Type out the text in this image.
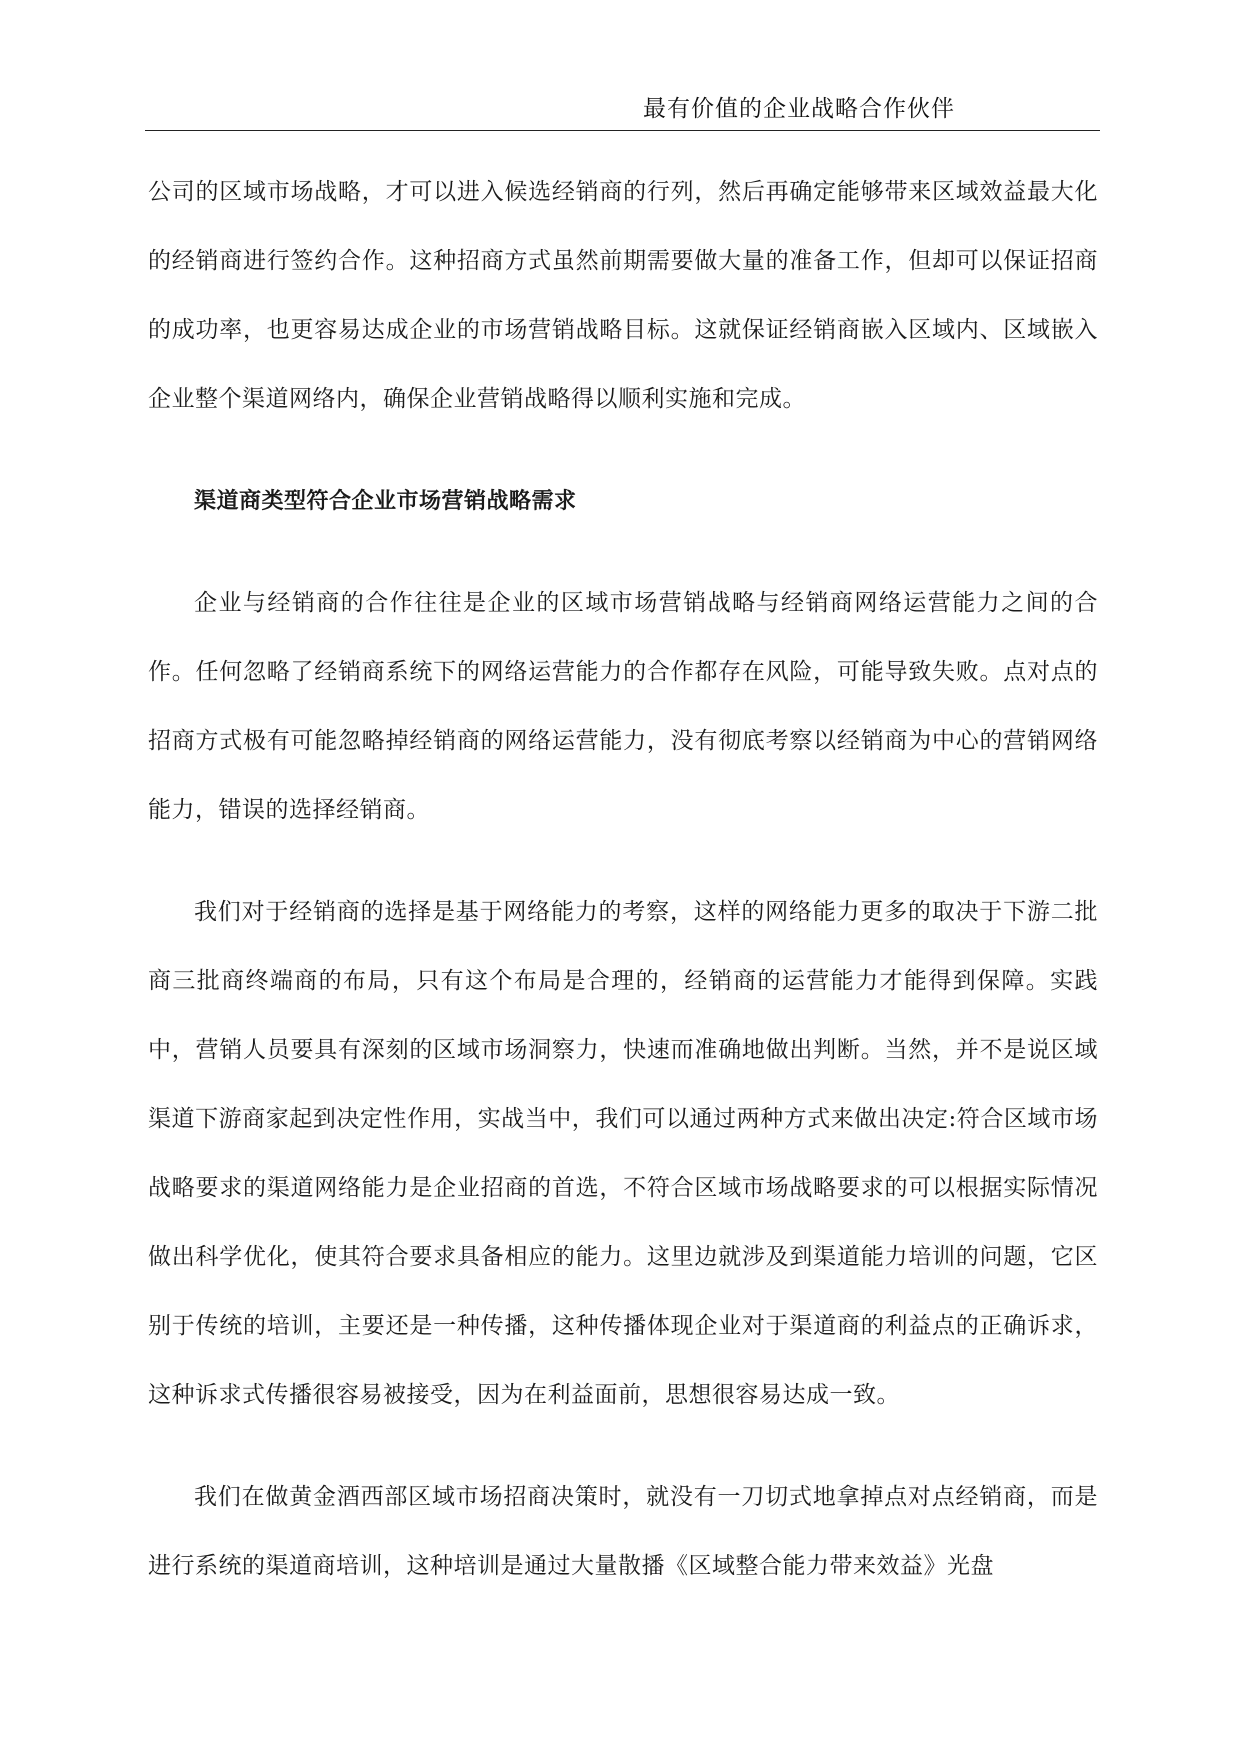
最有价值的企业战略合作伙伴

公司的区域市场战略，才可以进入候选经销商的行列，然后再确定能够带来区域效益最大化的经销商进行签约合作。这种招商方式虽然前期需要做大量的准备工作，但却可以保证招商的成功率，也更容易达成企业的市场营销战略目标。这就保证经销商嵌入区域内、区域嵌入企业整个渠道网络内，确保企业营销战略得以顺利实施和完成。

渠道商类型符合企业市场营销战略需求

企业与经销商的合作往往是企业的区域市场营销战略与经销商网络运营能力之间的合作。任何忽略了经销商系统下的网络运营能力的合作都存在风险，可能导致失败。点对点的招商方式极有可能忽略掉经销商的网络运营能力，没有彻底考察以经销商为中心的营销网络能力，错误的选择经销商。

我们对于经销商的选择是基于网络能力的考察，这样的网络能力更多的取决于下游二批商三批商终端商的布局，只有这个布局是合理的，经销商的运营能力才能得到保障。实践中，营销人员要具有深刻的区域市场洞察力，快速而准确地做出判断。当然，并不是说区域渠道下游商家起到决定性作用，实战当中，我们可以通过两种方式来做出决定:符合区域市场战略要求的渠道网络能力是企业招商的首选，不符合区域市场战略要求的可以根据实际情况做出科学优化，使其符合要求具备相应的能力。这里边就涉及到渠道能力培训的问题，它区别于传统的培训，主要还是一种传播，这种传播体现企业对于渠道商的利益点的正确诉求，这种诉求式传播很容易被接受，因为在利益面前，思想很容易达成一致。

我们在做黄金酒西部区域市场招商决策时，就没有一刀切式地拿掉点对点经销商，而是进行系统的渠道商培训，这种培训是通过大量散播《区域整合能力带来效益》光盘
